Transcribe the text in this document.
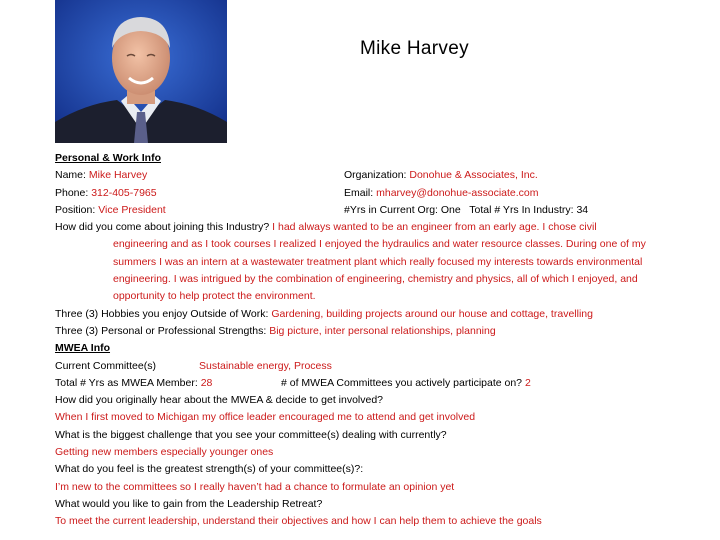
Mike Harvey
Personal & Work Info
Name: Mike Harvey	Organization: Donohue & Associates, Inc.
Phone: 312-405-7965	Email: mharvey@donohue-associate.com
Position: Vice President	#Yrs in Current Org: One   Total # Yrs In Industry: 34
How did you come about joining this Industry? I had always wanted to be an engineer from an early age. I chose civil
engineering and as I took courses I realized I enjoyed the hydraulics and water resource classes. During one of my
summers I was an intern at a wastewater treatment plant which really focused my interests towards environmental
engineering. I was intrigued by the combination of engineering, chemistry and physics, all of which I enjoyed, and
opportunity to help protect the environment.
Three (3) Hobbies you enjoy Outside of Work: Gardening, building projects around our house and cottage, travelling
Three (3) Personal or Professional Strengths: Big picture, inter personal relationships, planning
MWEA Info
Current Committee(s)	Sustainable energy, Process
Total # Yrs as MWEA Member: 28	# of MWEA Committees you actively participate on? 2
How did you originally hear about the MWEA & decide to get involved?
When I first moved to Michigan my office leader encouraged me to attend and get involved
What is the biggest challenge that you see your committee(s) dealing with currently?
Getting new members especially younger ones
What do you feel is the greatest strength(s) of your committee(s)?:
I’m new to the committees so I really haven’t had a chance to formulate an opinion yet
What would you like to gain from the Leadership Retreat?
To meet the current leadership, understand their objectives and how I can help them to achieve the goals
